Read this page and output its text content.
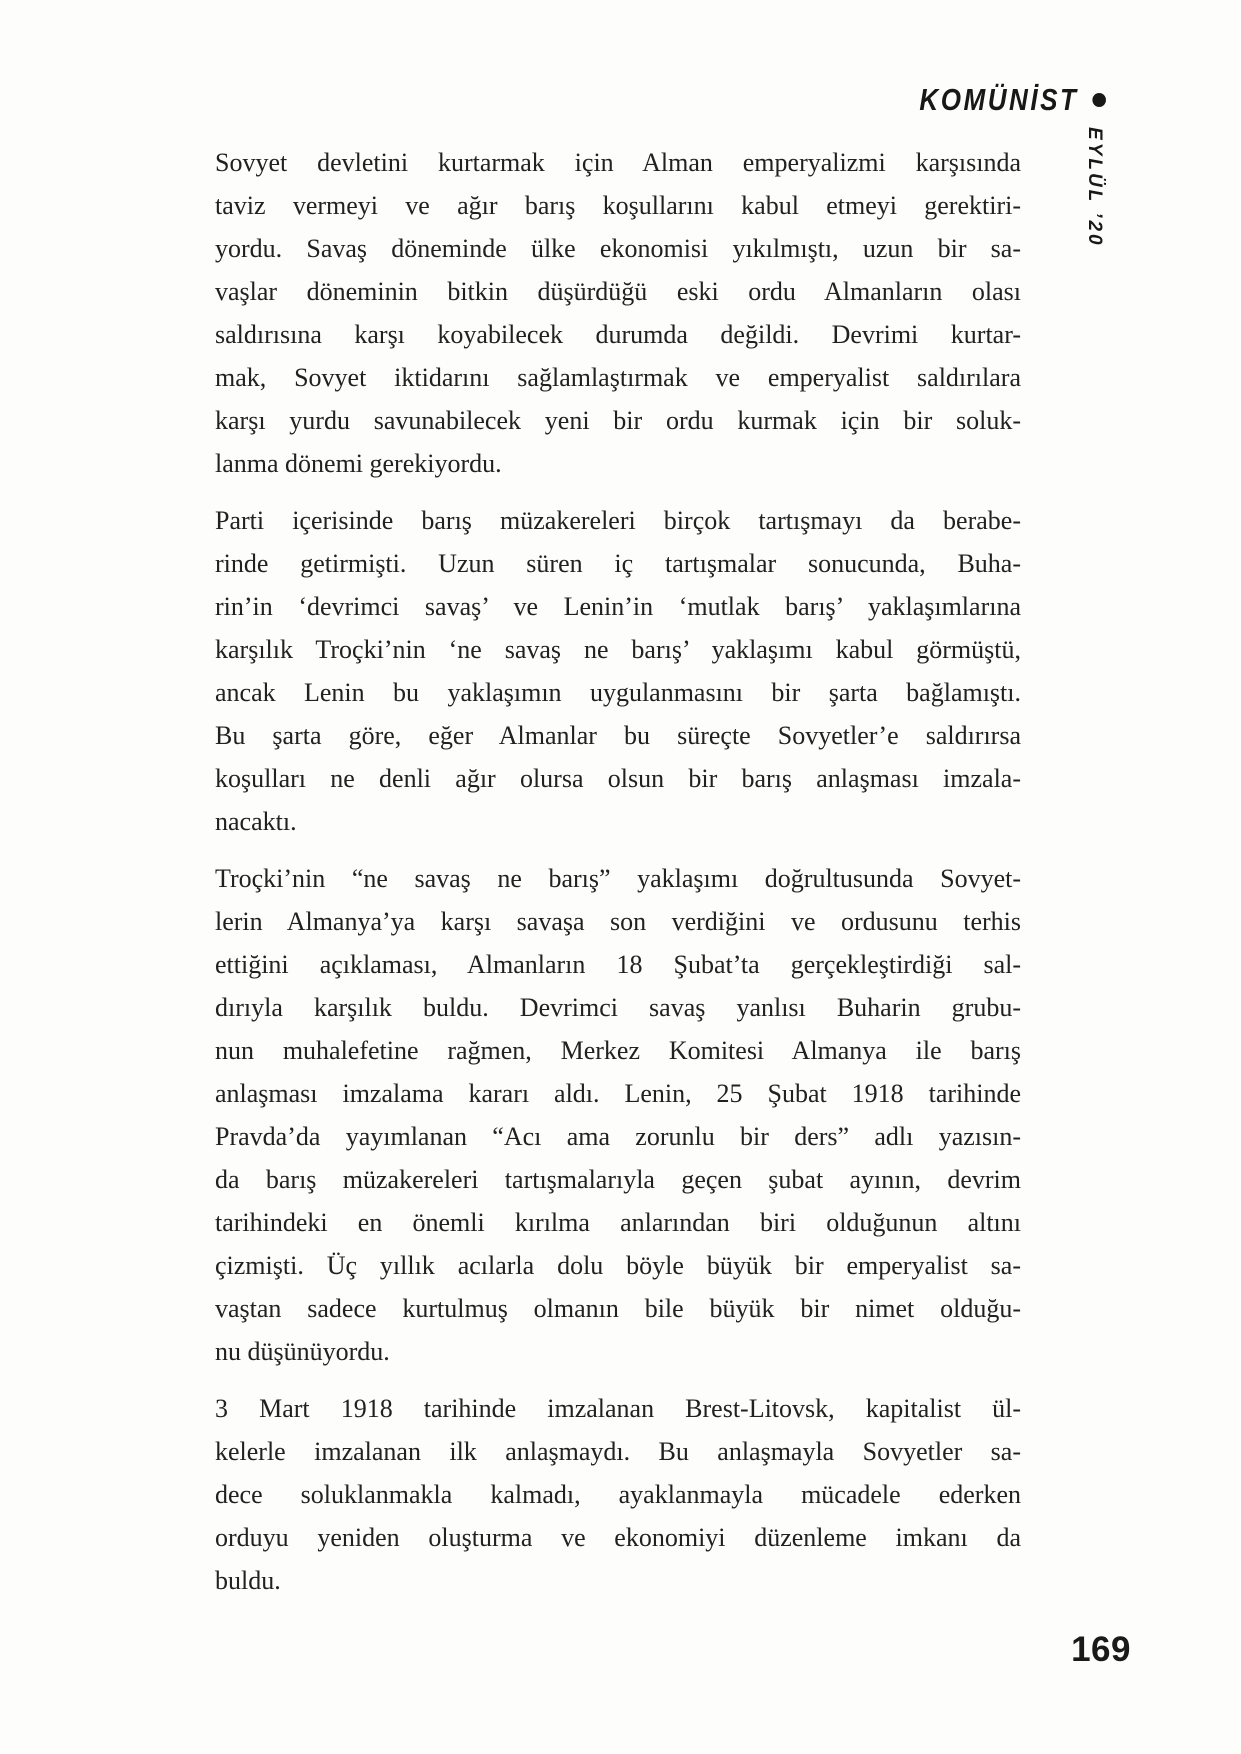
KOMÜNİST
EYLÜL ’20
Sovyet devletini kurtarmak için Alman emperyalizmi karşısında
taviz vermeyi ve ağır barış koşullarını kabul etmeyi gerektiri-
yordu. Savaş döneminde ülke ekonomisi yıkılmıştı, uzun bir sa-
vaşlar döneminin bitkin düşürdüğü eski ordu Almanların olası
saldırısına karşı koyabilecek durumda değildi. Devrimi kurtar-
mak, Sovyet iktidarını sağlamlaştırmak ve emperyalist saldırılara
karşı yurdu savunabilecek yeni bir ordu kurmak için bir soluk-
lanma dönemi gerekiyordu.
Parti içerisinde barış müzakereleri birçok tartışmayı da berabe-
rinde getirmişti. Uzun süren iç tartışmalar sonucunda, Buha-
rin’in ‘devrimci savaş’ ve Lenin’in ‘mutlak barış’ yaklaşımlarına
karşılık Troçki’nin ‘ne savaş ne barış’ yaklaşımı kabul görmüştü,
ancak Lenin bu yaklaşımın uygulanmasını bir şarta bağlamıştı.
Bu şarta göre, eğer Almanlar bu süreçte Sovyetler’e saldırırsa
koşulları ne denli ağır olursa olsun bir barış anlaşması imzala-
nacaktı.
Troçki’nin “ne savaş ne barış” yaklaşımı doğrultusunda Sovyet-
lerin Almanya’ya karşı savaşa son verdiğini ve ordusunu terhis
ettiğini açıklaması, Almanların 18 Şubat’ta gerçekleştirdiği sal-
dırıyla karşılık buldu. Devrimci savaş yanlısı Buharin grubu-
nun muhalefetine rağmen, Merkez Komitesi Almanya ile barış
anlaşması imzalama kararı aldı. Lenin, 25 Şubat 1918 tarihinde
Pravda’da yayımlanan “Acı ama zorunlu bir ders” adlı yazısın-
da barış müzakereleri tartışmalarıyla geçen şubat ayının, devrim
tarihindeki en önemli kırılma anlarından biri olduğunun altını
çizmişti. Üç yıllık acılarla dolu böyle büyük bir emperyalist sa-
vaştan sadece kurtulmuş olmanın bile büyük bir nimet olduğu-
nu düşünüyordu.
3 Mart 1918 tarihinde imzalanan Brest-Litovsk, kapitalist ül-
kelerle imzalanan ilk anlaşmaydı. Bu anlaşmayla Sovyetler sa-
dece soluklanmakla kalmadı, ayaklanmayla mücadele ederken
orduyu yeniden oluşturma ve ekonomiyi düzenleme imkanı da
buldu.
169
